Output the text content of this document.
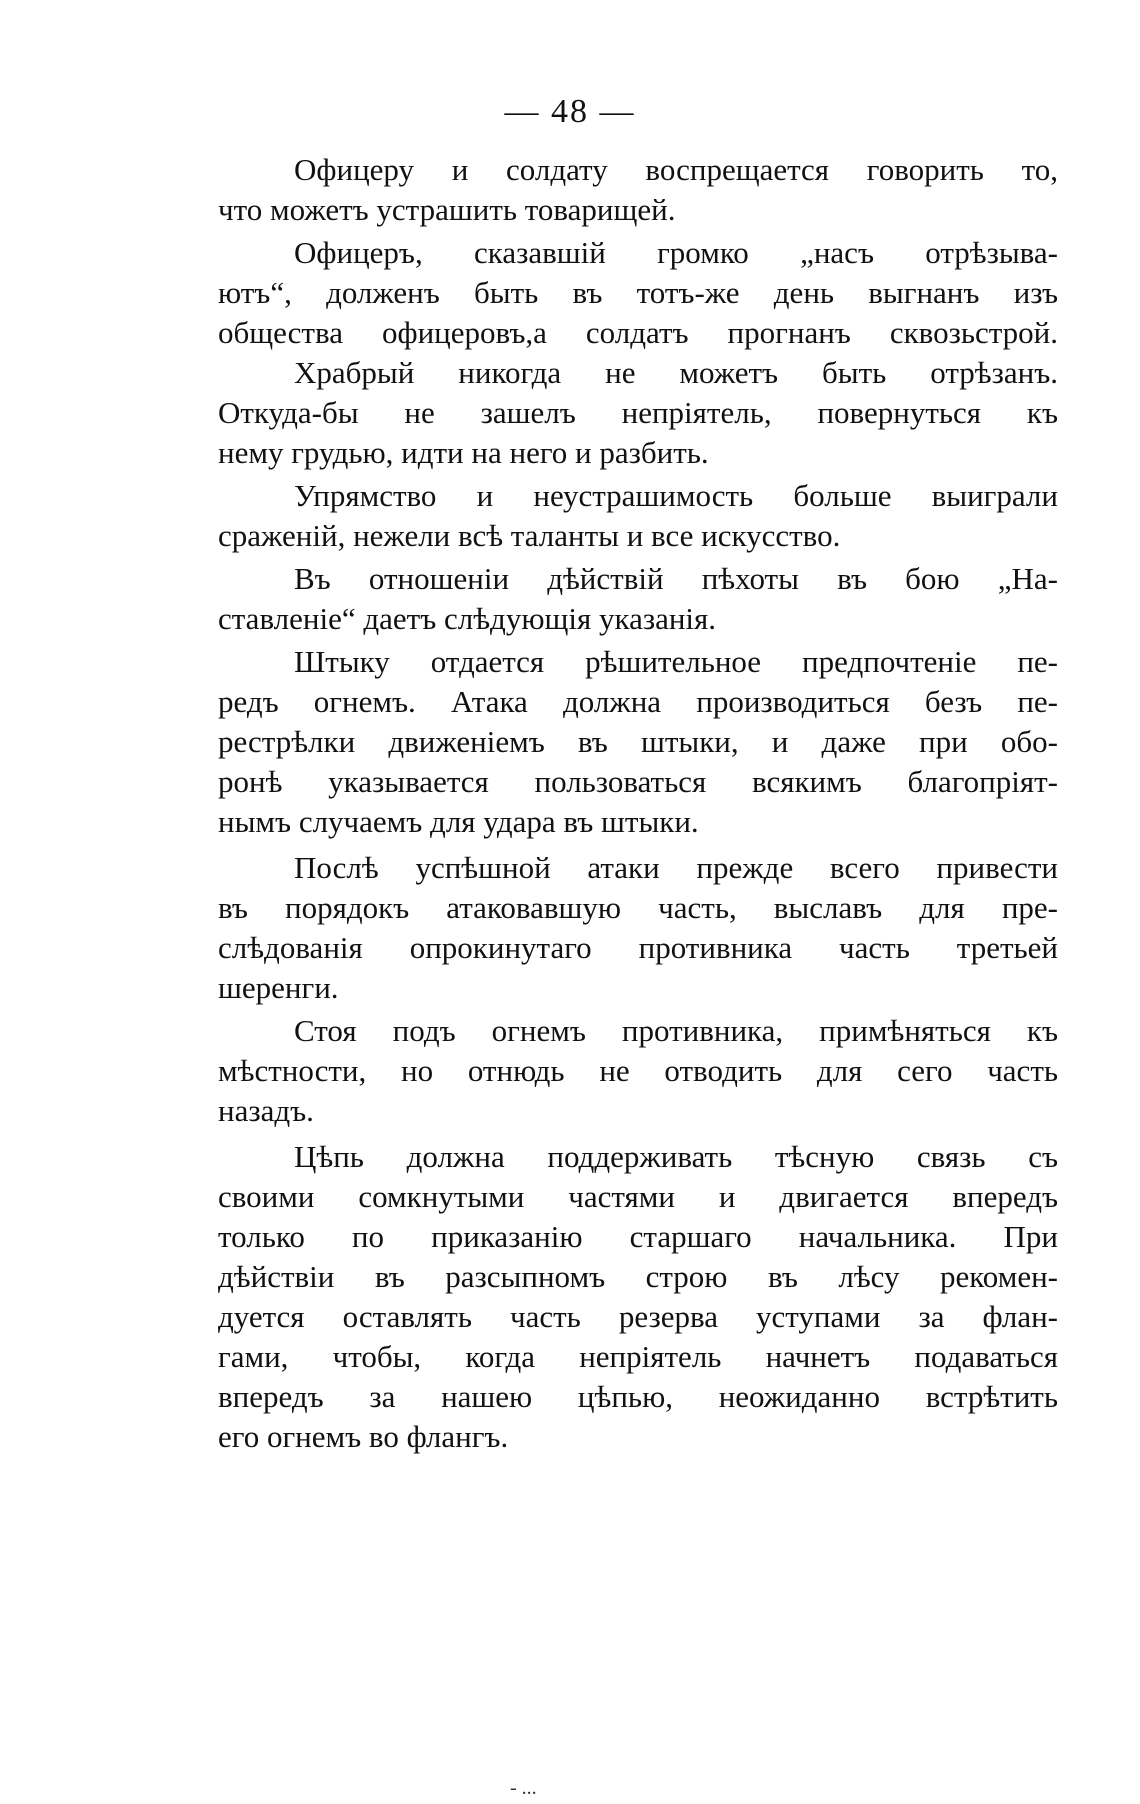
— 48 —
Офицеру и солдату воспрещается говорить то,
что можетъ устрашить товарищей.
Офицеръ, сказавшій громко „насъ отрѣзыва-
ютъ“, долженъ быть въ тотъ-же день выгнанъ изъ
общества офицеровъ,а солдатъ прогнанъ сквозьстрой.
Храбрый никогда не можетъ быть отрѣзанъ.
Откуда-бы не зашелъ непріятель, повернуться къ
нему грудью, идти на него и разбить.
Упрямство и неустрашимость больше выиграли
сраженій, нежели всѣ таланты и все искусство.
Въ отношеніи дѣйствій пѣхоты въ бою „На-
ставленіе“ даетъ слѣдующія указанія.
Штыку отдается рѣшительное предпочтеніе пе-
редъ огнемъ. Атака должна производиться безъ пе-
рестрѣлки движеніемъ въ штыки, и даже при обо-
ронѣ указывается пользоваться всякимъ благопріят-
нымъ случаемъ для удара въ штыки.
Послѣ успѣшной атаки прежде всего привести
въ порядокъ атаковавшую часть, выславъ для пре-
слѣдованія опрокинутаго противника часть третьей
шеренги.
Стоя подъ огнемъ противника, примѣняться къ
мѣстности, но отнюдь не отводить для сего часть
назадъ.
Цѣпь должна поддерживать тѣсную связь съ
своими сомкнутыми частями и двигается впередъ
только по приказанію старшаго начальника. При
дѣйствіи въ разсыпномъ строю въ лѣсу рекомен-
дуется оставлять часть резерва уступами за флан-
гами, чтобы, когда непріятель начнетъ подаваться
впередъ за нашею цѣпью, неожиданно встрѣтить
его огнемъ во флангъ.
- ...
